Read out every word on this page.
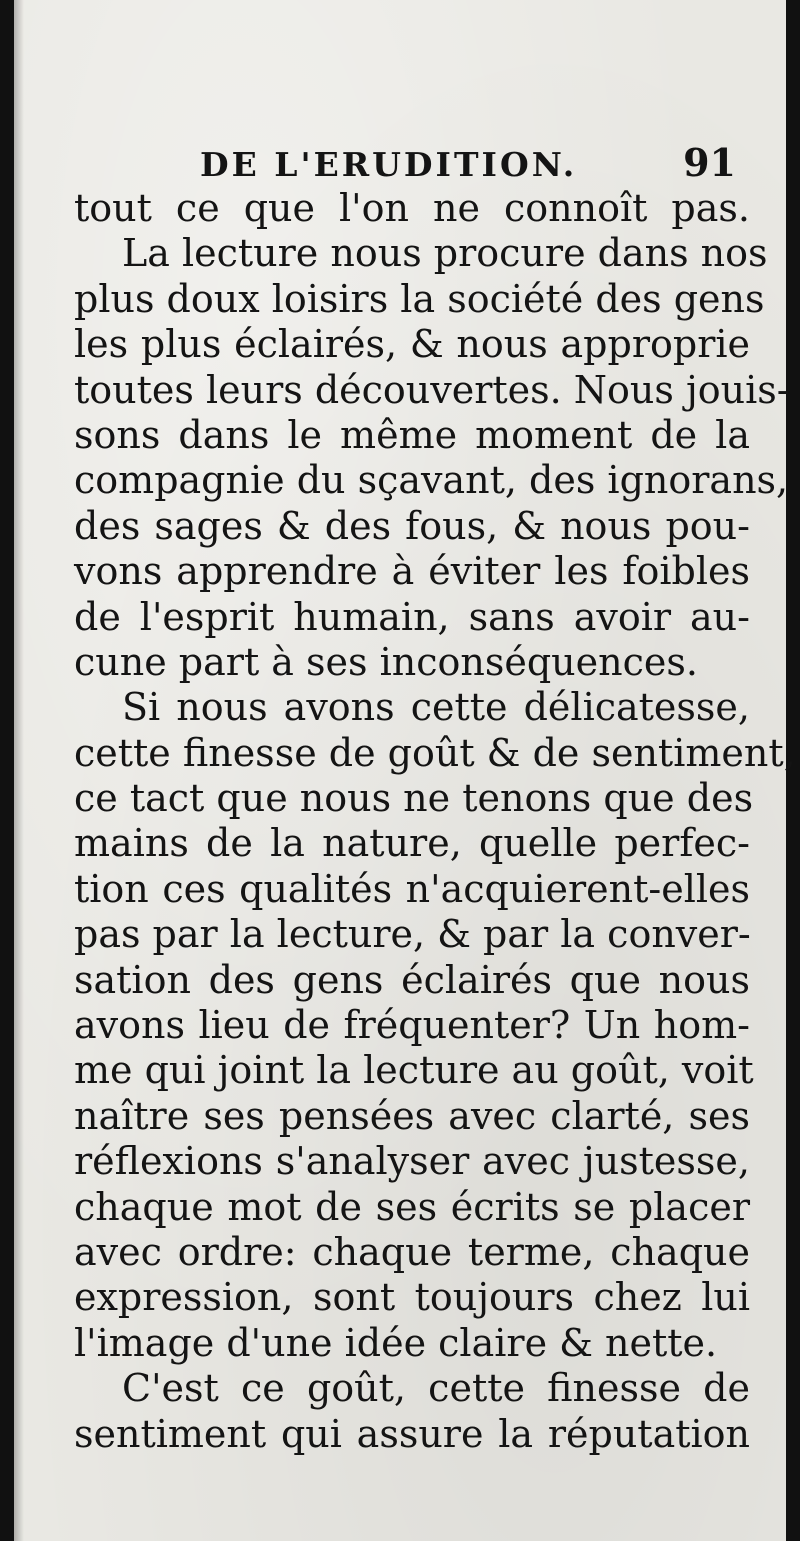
DE L'ERUDITION.	91
tout ce que l'on ne connoît pas.
La lecture nous procure dans nos
plus doux loisirs la société des gens
les plus éclairés, & nous approprie
toutes leurs découvertes. Nous jouis-
sons dans le même moment de la
compagnie du sçavant, des ignorans,
des sages & des fous, & nous pou-
vons apprendre à éviter les foibles
de l'esprit humain, sans avoir au-
cune part à ses inconséquences.
Si nous avons cette délicatesse,
cette finesse de goût & de sentiment,
ce tact que nous ne tenons que des
mains de la nature, quelle perfec-
tion ces qualités n'acquierent-elles
pas par la lecture, & par la conver-
sation des gens éclairés que nous
avons lieu de fréquenter? Un hom-
me qui joint la lecture au goût, voit
naître ses pensées avec clarté, ses
réflexions s'analyser avec justesse,
chaque mot de ses écrits se placer
avec ordre: chaque terme, chaque
expression, sont toujours chez lui
l'image d'une idée claire & nette.
C'est ce goût, cette finesse de
sentiment qui assure la réputation
